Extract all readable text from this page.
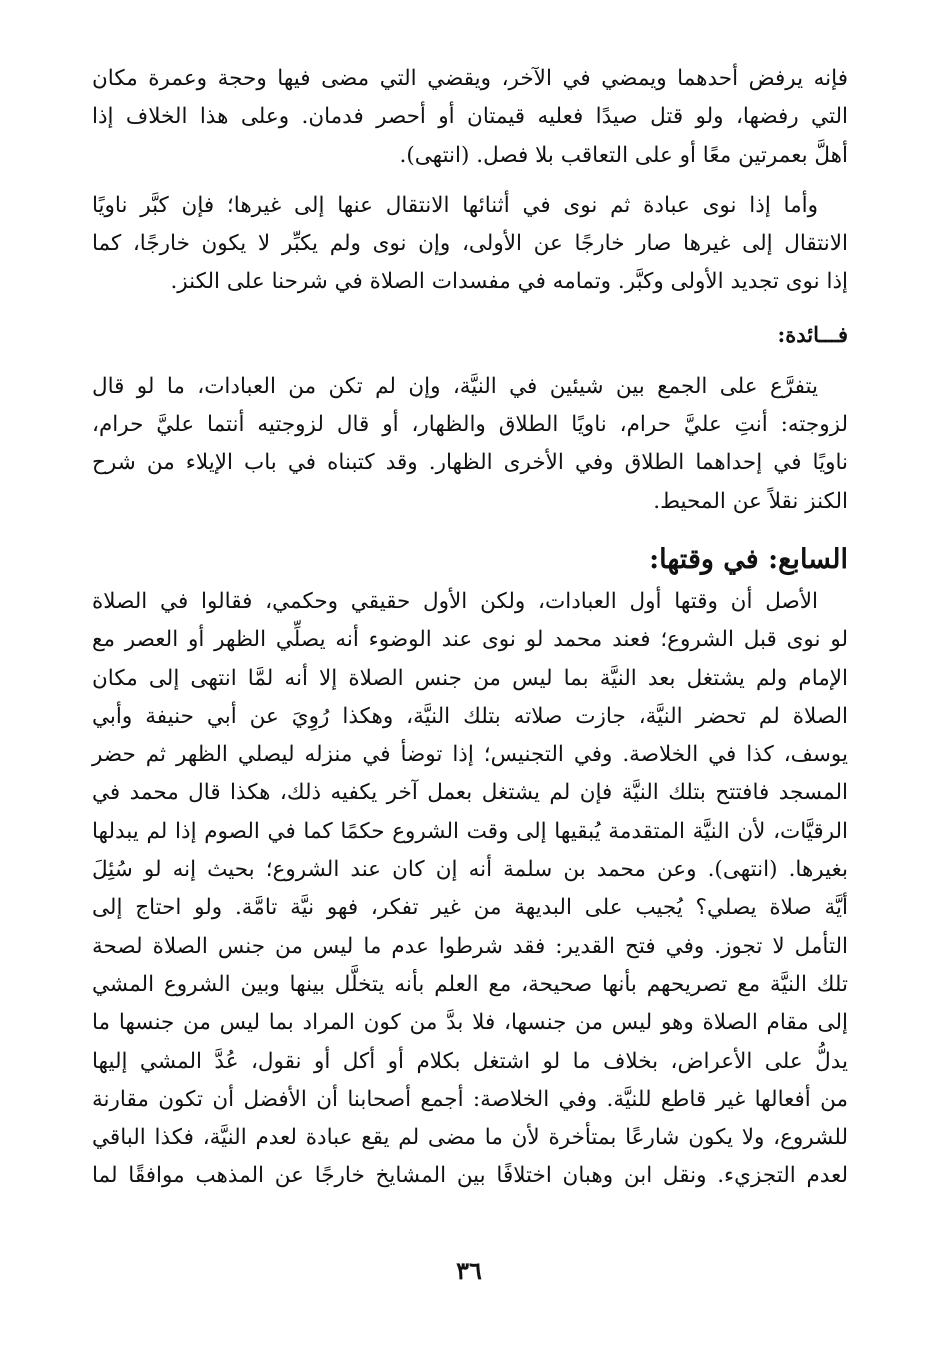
فإنه يرفض أحدهما ويمضي في الآخر، ويقضي التي مضى فيها وحجة وعمرة مكان
التي رفضها، ولو قتل صيدًا فعليه قيمتان أو أحصر فدمان. وعلى هذا الخلاف إذا
أهلَّ بعمرتين معًا أو على التعاقب بلا فصل. (انتهى).

وأما إذا نوى عبادة ثم نوى في أثنائها الانتقال عنها إلى غيرها؛ فإن كبَّر ناويًا
الانتقال إلى غيرها صار خارجًا عن الأولى، وإن نوى ولم يكبِّر لا يكون خارجًا، كما
إذا نوى تجديد الأولى وكبَّر. وتمامه في مفسدات الصلاة في شرحنا على الكنز.

فـــائدة:

يتفرَّع على الجمع بين شيئين في النيَّة، وإن لم تكن من العبادات، ما لو قال
لزوجته: أنتِ عليَّ حرام، ناويًا الطلاق والظهار، أو قال لزوجتيه أنتما عليَّ حرام،
ناويًا في إحداهما الطلاق وفي الأخرى الظهار. وقد كتبناه في باب الإيلاء من شرح
الكنز نقلاً عن المحيط.

السابع: في وقتها:

الأصل أن وقتها أول العبادات، ولكن الأول حقيقي وحكمي، فقالوا في الصلاة
لو نوى قبل الشروع؛ فعند محمد لو نوى عند الوضوء أنه يصلِّي الظهر أو العصر مع
الإمام ولم يشتغل بعد النيَّة بما ليس من جنس الصلاة إلا أنه لمَّا انتهى إلى مكان
الصلاة لم تحضر النيَّة، جازت صلاته بتلك النيَّة، وهكذا رُوِيَ عن أبي حنيفة وأبي
يوسف، كذا في الخلاصة. وفي التجنيس؛ إذا توضأ في منزله ليصلي الظهر ثم حضر
المسجد فافتتح بتلك النيَّة فإن لم يشتغل بعمل آخر يكفيه ذلك، هكذا قال محمد في
الرقيَّات، لأن النيَّة المتقدمة يُبقيها إلى وقت الشروع حكمًا كما في الصوم إذا لم يبدلها
بغيرها. (انتهى). وعن محمد بن سلمة أنه إن كان عند الشروع؛ بحيث إنه لو سُئِلَ
أيَّة صلاة يصلي؟ يُجيب على البديهة من غير تفكر، فهو نيَّة تامَّة. ولو احتاج إلى
التأمل لا تجوز. وفي فتح القدير: فقد شرطوا عدم ما ليس من جنس الصلاة لصحة
تلك النيَّة مع تصريحهم بأنها صحيحة، مع العلم بأنه يتخلَّل بينها وبين الشروع المشي
إلى مقام الصلاة وهو ليس من جنسها، فلا بدَّ من كون المراد بما ليس من جنسها ما
يدلُّ على الأعراض، بخلاف ما لو اشتغل بكلام أو أكل أو نقول، عُدَّ المشي إليها
من أفعالها غير قاطع للنيَّة. وفي الخلاصة: أجمع أصحابنا أن الأفضل أن تكون مقارنة
للشروع، ولا يكون شارعًا بمتأخرة لأن ما مضى لم يقع عبادة لعدم النيَّة، فكذا الباقي
لعدم التجزيء. ونقل ابن وهبان اختلافًا بين المشايخ خارجًا عن المذهب موافقًا لما

٣٦
